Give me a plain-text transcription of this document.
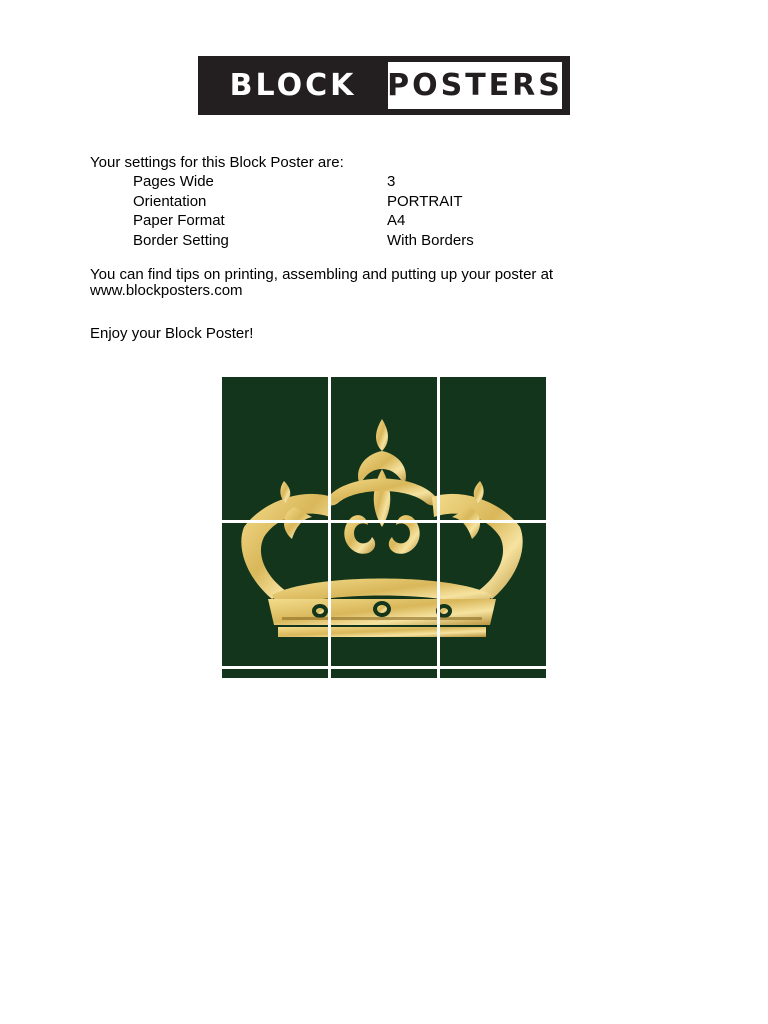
BLOCK	POSTERS
Your settings for this Block Poster are:
Pages Wide	3
Orientation	PORTRAIT
Paper Format	A4
Border Setting	With Borders
You can find tips on printing, assembling and putting up your poster at www.blockposters.com
Enjoy your Block Poster!
